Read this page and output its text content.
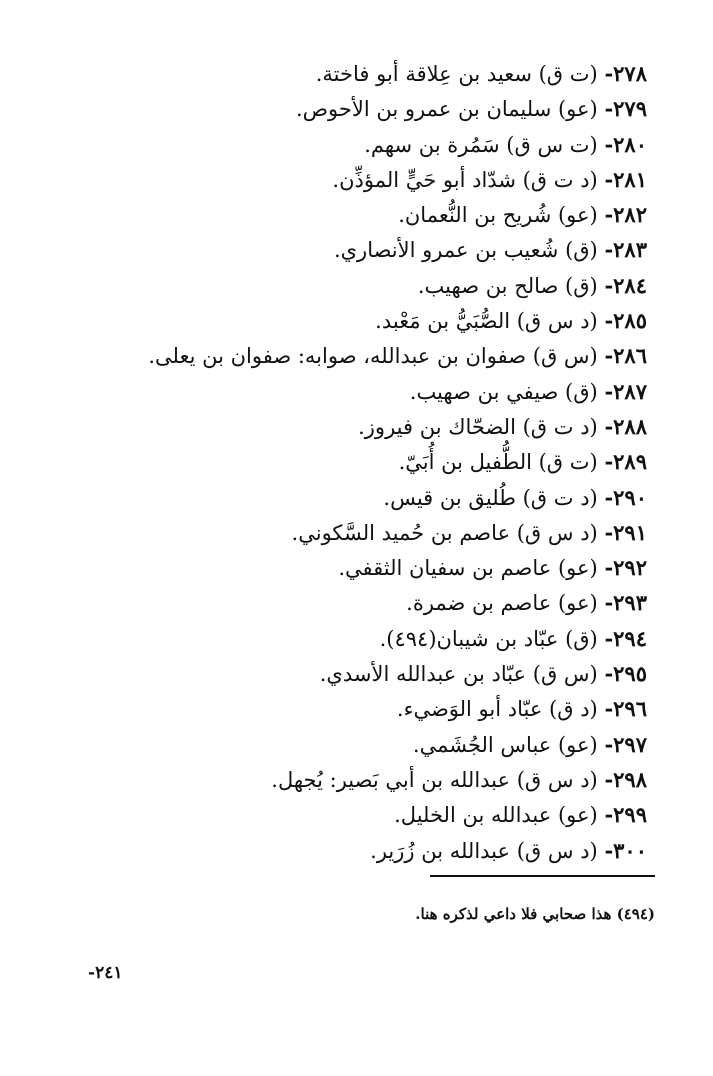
٢٧٨- (ت ق) سعيد بن عِلاقة أبو فاختة.
٢٧٩- (عو) سليمان بن عمرو بن الأحوص.
٢٨٠- (ت س ق) سَمُرة بن سهم.
٢٨١- (د ت ق) شدّاد أبو حَيٍّ المؤذِّن.
٢٨٢- (عو) شُريح بن النُّعمان.
٢٨٣- (ق) شُعيب بن عمرو الأنصاري.
٢٨٤- (ق) صالح بن صهيب.
٢٨٥- (د س ق) الصُّبَيُّ بن مَعْبد.
٢٨٦- (س ق) صفوان بن عبدالله، صوابه: صفوان بن يعلى.
٢٨٧- (ق) صيفي بن صهيب.
٢٨٨- (د ت ق) الضحّاك بن فيروز.
٢٨٩- (ت ق) الطُّفيل بن أُبَيّ.
٢٩٠- (د ت ق) طُليق بن قيس.
٢٩١- (د س ق) عاصم بن حُميد السَّكوني.
٢٩٢- (عو) عاصم بن سفيان الثقفي.
٢٩٣- (عو) عاصم بن ضمرة.
٢٩٤- (ق) عبّاد بن شيبان(٤٩٤).
٢٩٥- (س ق) عبّاد بن عبدالله الأسدي.
٢٩٦- (د ق) عبّاد أبو الوَضيء.
٢٩٧- (عو) عباس الجُشَمي.
٢٩٨- (د س ق) عبدالله بن أبي بَصير: يُجهل.
٢٩٩- (عو) عبدالله بن الخليل.
٣٠٠- (د س ق) عبدالله بن زُرَير.
(٤٩٤) هذا صحابي فلا داعي لذكره هنا.
٢٤١-
